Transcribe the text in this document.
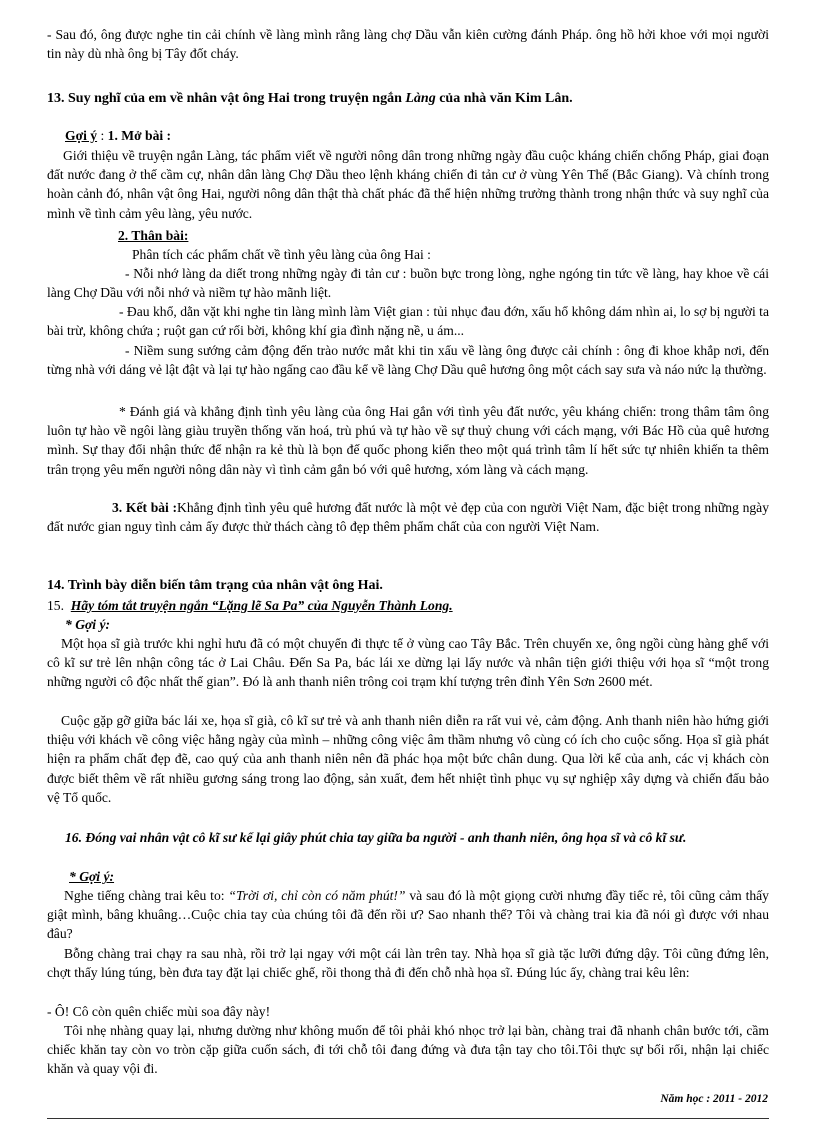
- Sau đó, ông được nghe tin cải chính về làng mình rằng làng chợ Dầu vẫn kiên cường đánh Pháp. ông hồ hởi khoe với mọi người tin này dù nhà ông bị Tây đốt cháy.

13. Suy nghĩ của em về nhân vật ông Hai trong truyện ngắn Làng của nhà văn Kim Lân.

Gợi ý : 1. Mở bài :

Giới thiệu về truyện ngắn Làng, tác phẩm viết về người nông dân trong những ngày đầu cuộc kháng chiến chống Pháp, giai đoạn đất nước đang ở thế cầm cự, nhân dân làng Chợ Dầu theo lệnh kháng chiến đi tản cư ở vùng Yên Thế (Bắc Giang). Và chính trong hoàn cảnh đó, nhân vật ông Hai, người nông dân thật thà chất phác đã thể hiện những trưởng thành trong nhận thức và suy nghĩ của mình về tình cảm yêu làng, yêu nước.

2. Thân bài:

Phân tích các phẩm chất về tình yêu làng của ông Hai :

- Nỗi nhớ làng da diết trong những ngày đi tản cư : buồn bực trong lòng, nghe ngóng tin tức về làng, hay khoe về cái làng Chợ Dầu với nỗi nhớ và niềm tự hào mãnh liệt.

- Đau khổ, dằn vặt khi nghe tin làng mình làm Việt gian : tủi nhục đau đớn, xấu hổ không dám nhìn ai, lo sợ bị người ta bài trừ, không chứa ; ruột gan cứ rối bời, không khí gia đình nặng nề, u ám...

- Niềm sung sướng cảm động đến trào nước mắt khi tin xấu về làng ông được cải chính : ông đi khoe khắp nơi, đến từng nhà với dáng vẻ lật đật và lại tự hào ngẩng cao đầu kể về làng Chợ Dầu quê hương ông một cách say sưa và náo nức lạ thường.

* Đánh giá và khẳng định tình yêu làng của ông Hai gắn với tình yêu đất nước, yêu kháng chiến: trong thâm tâm ông luôn tự hào về ngôi làng giàu truyền thống văn hoá, trù phú và tự hào về sự thuỷ chung với cách mạng, với Bác Hồ của quê hương mình. Sự thay đổi nhận thức để nhận ra kẻ thù là bọn đế quốc phong kiến theo một quá trình tâm lí hết sức tự nhiên khiến ta thêm trân trọng yêu mến người nông dân này vì tình cảm gắn bó với quê hương, xóm làng và cách mạng.

3. Kết bài :Khẳng định tình yêu quê hương đất nước là một vẻ đẹp của con người Việt Nam, đặc biệt trong những ngày đất nước gian nguy tình cảm ấy được thử thách càng tô đẹp thêm phẩm chất của con người Việt Nam.

14. Trình bày diễn biến tâm trạng của nhân vật ông Hai.

15. Hãy tóm tắt truyện ngắn “Lặng lẽ Sa Pa” của Nguyễn Thành Long.

* Gợi ý:

Một họa sĩ già trước khi nghỉ hưu đã có một chuyến đi thực tế ở vùng cao Tây Bắc. Trên chuyến xe, ông ngồi cùng hàng ghế với cô kĩ sư trẻ lên nhận công tác ở Lai Châu. Đến Sa Pa, bác lái xe dừng lại lấy nước và nhân tiện giới thiệu với họa sĩ “một trong những người cô độc nhất thế gian”. Đó là anh thanh niên trông coi trạm khí tượng trên đỉnh Yên Sơn 2600 mét.

Cuộc gặp gỡ giữa bác lái xe, họa sĩ già, cô kĩ sư trẻ và anh thanh niên diễn ra rất vui vẻ, cảm động. Anh thanh niên hào hứng giới thiệu với khách về công việc hằng ngày của mình – những công việc âm thầm nhưng vô cùng có ích cho cuộc sống. Họa sĩ già phát hiện ra phẩm chất đẹp đẽ, cao quý của anh thanh niên nên đã phác họa một bức chân dung. Qua lời kể của anh, các vị khách còn được biết thêm về rất nhiều gương sáng trong lao động, sản xuất, đem hết nhiệt tình phục vụ sự nghiệp xây dựng và chiến đấu bảo vệ Tổ quốc.

16. Đóng vai nhân vật cô kĩ sư kể lại giây phút chia tay giữa ba người - anh thanh niên, ông họa sĩ và cô kĩ sư.

* Gợi ý:

Nghe tiếng chàng trai kêu to: “Trời ơi, chỉ còn có năm phút!” và sau đó là một giọng cười nhưng đầy tiếc rẻ, tôi cũng cảm thấy giật mình, bâng khuâng…Cuộc chia tay của chúng tôi đã đến rồi ư? Sao nhanh thế? Tôi và chàng trai kia đã nói gì được với nhau đâu?

Bỗng chàng trai chạy ra sau nhà, rồi trở lại ngay với một cái làn trên tay. Nhà họa sĩ già tặc lưỡi đứng dậy. Tôi cũng đứng lên, chợt thấy lúng túng, bèn đưa tay đặt lại chiếc ghế, rồi thong thả đi đến chỗ nhà họa sĩ. Đúng lúc ấy, chàng trai kêu lên:

- Ô! Cô còn quên chiếc mùi soa đây này!

Tôi nhẹ nhàng quay lại, nhưng dường như không muốn để tôi phải khó nhọc trở lại bàn, chàng trai đã nhanh chân bước tới, cầm chiếc khăn tay còn vo tròn cặp giữa cuốn sách, đi tới chỗ tôi đang đứng và đưa tận tay cho tôi.Tôi thực sự bối rối, nhận lại chiếc khăn và quay vội đi.

Năm học : 2011 - 2012
